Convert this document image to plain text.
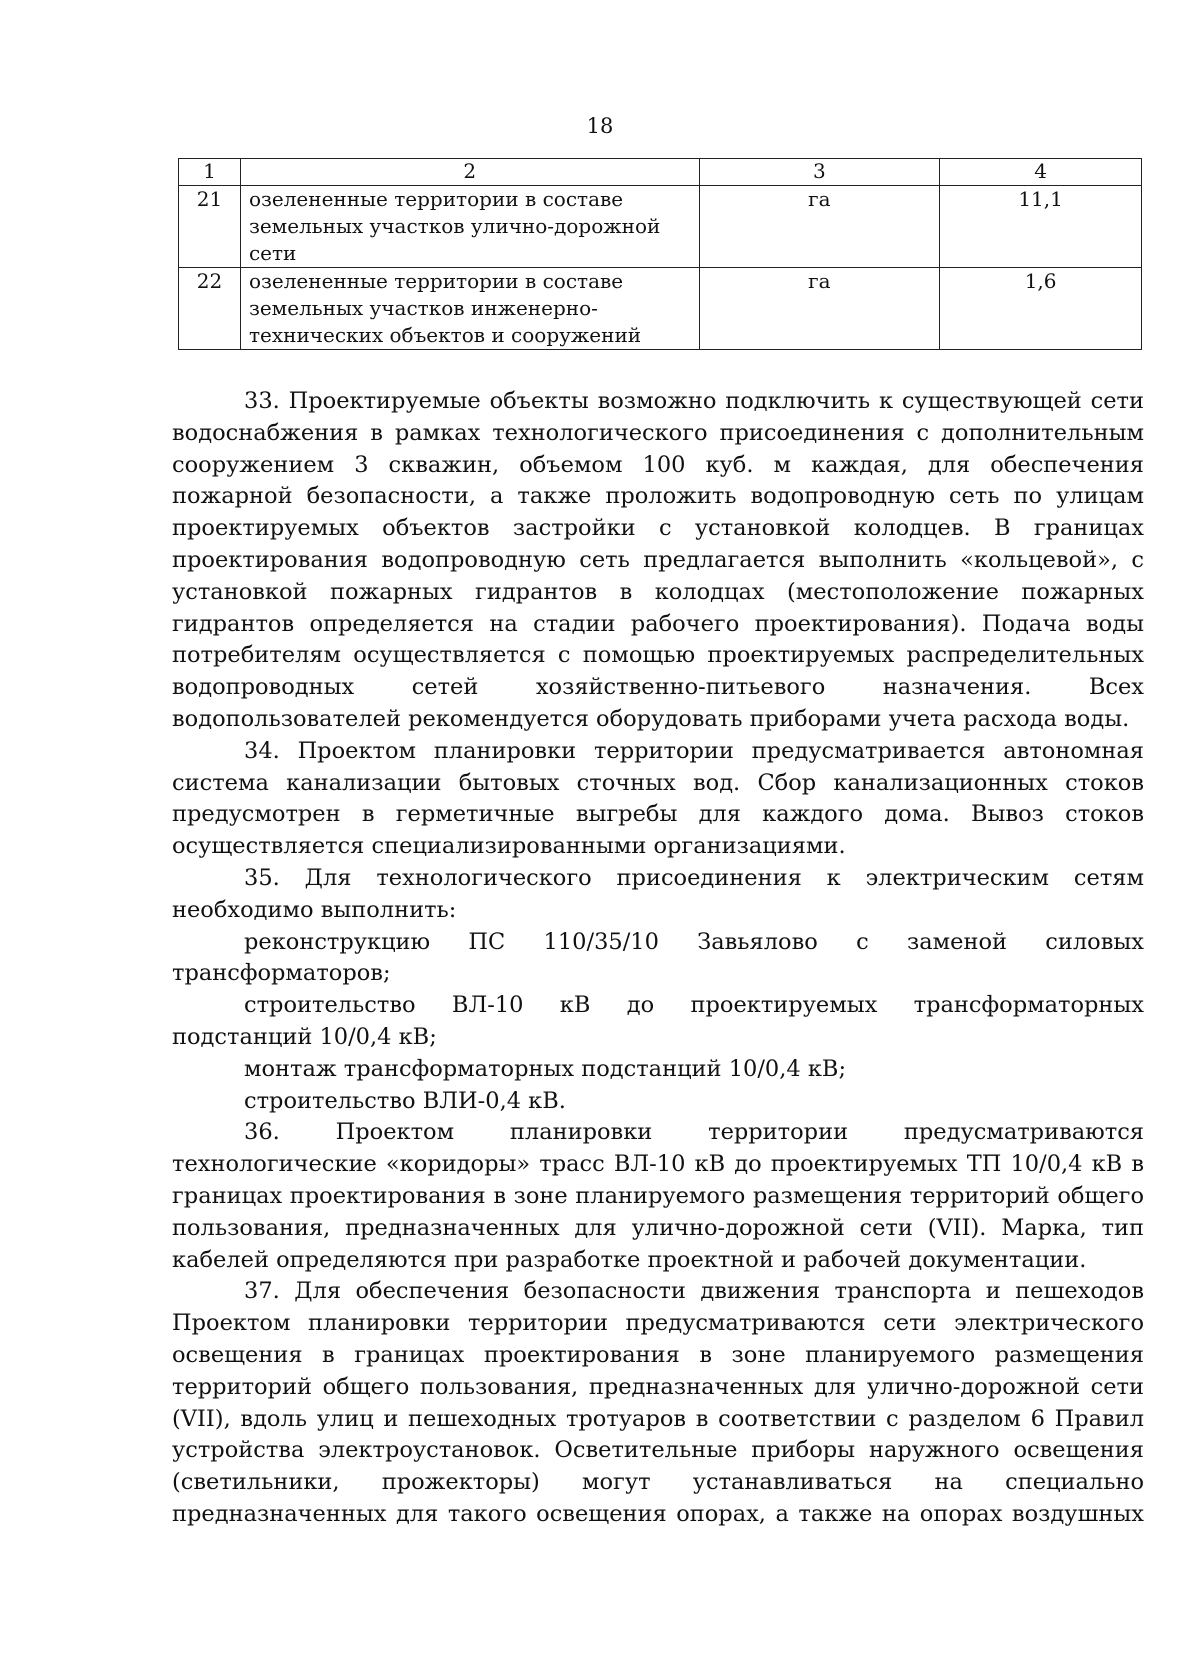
18
1	2	3	4
21	озелененные территории в составе земельных участков улично-дорожной сети	га	11,1
22	озелененные территории в составе земельных участков инженерно-технических объектов и сооружений	га	1,6

33. Проектируемые объекты возможно подключить к существующей сети водоснабжения в рамках технологического присоединения с дополнительным сооружением 3 скважин, объемом 100 куб. м каждая, для обеспечения пожарной безопасности, а также проложить водопроводную сеть по улицам проектируемых объектов застройки с установкой колодцев. В границах проектирования водопроводную сеть предлагается выполнить «кольцевой», с установкой пожарных гидрантов в колодцах (местоположение пожарных гидрантов определяется на стадии рабочего проектирования). Подача воды потребителям осуществляется с помощью проектируемых распределительных водопроводных сетей хозяйственно-питьевого назначения. Всех водопользователей рекомендуется оборудовать приборами учета расхода воды.

34. Проектом планировки территории предусматривается автономная система канализации бытовых сточных вод. Сбор канализационных стоков предусмотрен в герметичные выгребы для каждого дома. Вывоз стоков осуществляется специализированными организациями.

35. Для технологического присоединения к электрическим сетям необходимо выполнить:

реконструкцию ПС 110/35/10 Завьялово с заменой силовых трансформаторов;

строительство ВЛ-10 кВ до проектируемых трансформаторных подстанций 10/0,4 кВ;

монтаж трансформаторных подстанций 10/0,4 кВ;

строительство ВЛИ-0,4 кВ.

36. Проектом планировки территории предусматриваются технологические «коридоры» трасс ВЛ-10 кВ до проектируемых ТП 10/0,4 кВ в границах проектирования в зоне планируемого размещения территорий общего пользования, предназначенных для улично-дорожной сети (VII). Марка, тип кабелей определяются при разработке проектной и рабочей документации.

37. Для обеспечения безопасности движения транспорта и пешеходов Проектом планировки территории предусматриваются сети электрического освещения в границах проектирования в зоне планируемого размещения территорий общего пользования, предназначенных для улично-дорожной сети (VII), вдоль улиц и пешеходных тротуаров в соответствии с разделом 6 Правил устройства электроустановок. Осветительные приборы наружного освещения (светильники, прожекторы) могут устанавливаться на специально предназначенных для такого освещения опорах, а также на опорах воздушных
